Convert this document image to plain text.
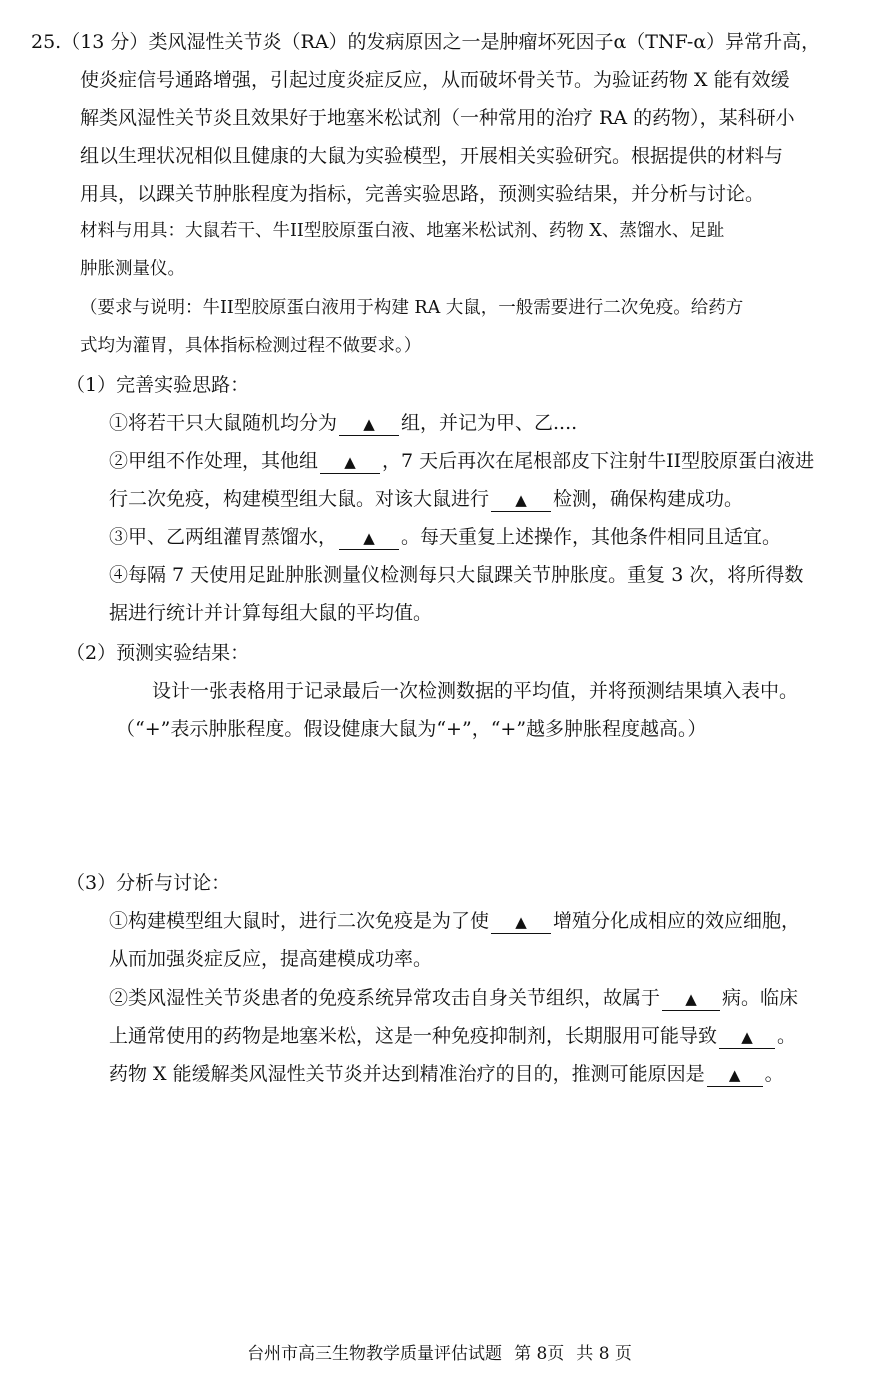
25.（13 分）类风湿性关节炎（RA）的发病原因之一是肿瘤坏死因子α（TNF-α）异常升高，
使炎症信号通路增强，引起过度炎症反应，从而破坏骨关节。为验证药物 X 能有效缓
解类风湿性关节炎且效果好于地塞米松试剂（一种常用的治疗 RA 的药物），某科研小
组以生理状况相似且健康的大鼠为实验模型，开展相关实验研究。根据提供的材料与
用具，以踝关节肿胀程度为指标，完善实验思路，预测实验结果，并分析与讨论。
材料与用具：大鼠若干、牛II型胶原蛋白液、地塞米松试剂、药物 X、蒸馏水、足趾
肿胀测量仪。
（要求与说明：牛II型胶原蛋白液用于构建 RA 大鼠，一般需要进行二次免疫。给药方
式均为灌胃，具体指标检测过程不做要求。）
（1）完善实验思路：
①将若干只大鼠随机均分为 ▲ 组，并记为甲、乙....
②甲组不作处理，其他组 ▲ ，7 天后再次在尾根部皮下注射牛II型胶原蛋白液进
行二次免疫，构建模型组大鼠。对该大鼠进行 ▲ 检测，确保构建成功。
③甲、乙两组灌胃蒸馏水， ▲ 。每天重复上述操作，其他条件相同且适宜。
④每隔 7 天使用足趾肿胀测量仪检测每只大鼠踝关节肿胀度。重复 3 次，将所得数
据进行统计并计算每组大鼠的平均值。
（2）预测实验结果：
设计一张表格用于记录最后一次检测数据的平均值，并将预测结果填入表中。
（“+”表示肿胀程度。假设健康大鼠为“+”，“+”越多肿胀程度越高。）
（3）分析与讨论：
①构建模型组大鼠时，进行二次免疫是为了使 ▲ 增殖分化成相应的效应细胞，
从而加强炎症反应，提高建模成功率。
②类风湿性关节炎患者的免疫系统异常攻击自身关节组织，故属于 ▲ 病。临床
上通常使用的药物是地塞米松，这是一种免疫抑制剂，长期服用可能导致 ▲ 。
药物 X 能缓解类风湿性关节炎并达到精准治疗的目的，推测可能原因是 ▲ 。
台州市高三生物教学质量评估试题 第 8页 共 8 页
